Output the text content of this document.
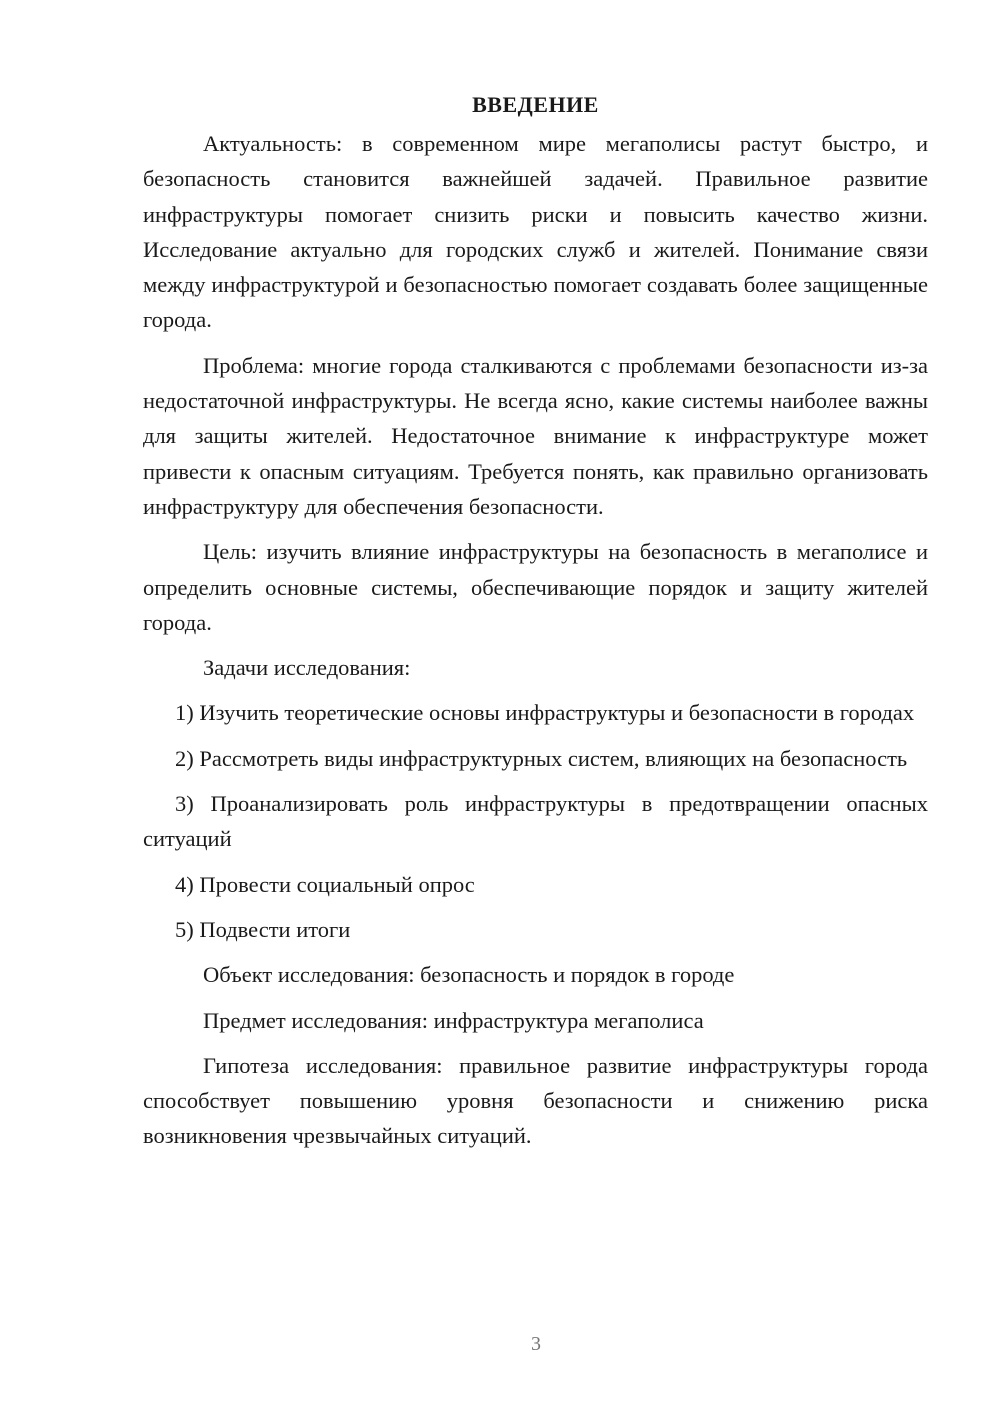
ВВЕДЕНИЕ

Актуальность: в современном мире мегаполисы растут быстро, и безопасность становится важнейшей задачей. Правильное развитие инфраструктуры помогает снизить риски и повысить качество жизни. Исследование актуально для городских служб и жителей. Понимание связи между инфраструктурой и безопасностью помогает создавать более защищенные города.

Проблема: многие города сталкиваются с проблемами безопасности из-за недостаточной инфраструктуры. Не всегда ясно, какие системы наиболее важны для защиты жителей. Недостаточное внимание к инфраструктуре может привести к опасным ситуациям. Требуется понять, как правильно организовать инфраструктуру для обеспечения безопасности.

Цель: изучить влияние инфраструктуры на безопасность в мегаполисе и определить основные системы, обеспечивающие порядок и защиту жителей города.

Задачи исследования:

1) Изучить теоретические основы инфраструктуры и безопасности в городах

2) Рассмотреть виды инфраструктурных систем, влияющих на безопасность

3) Проанализировать роль инфраструктуры в предотвращении опасных ситуаций

4) Провести социальный опрос

5) Подвести итоги

Объект исследования: безопасность и порядок в городе

Предмет исследования: инфраструктура мегаполиса

Гипотеза исследования: правильное развитие инфраструктуры города способствует повышению уровня безопасности и снижению риска возникновения чрезвычайных ситуаций.

3
